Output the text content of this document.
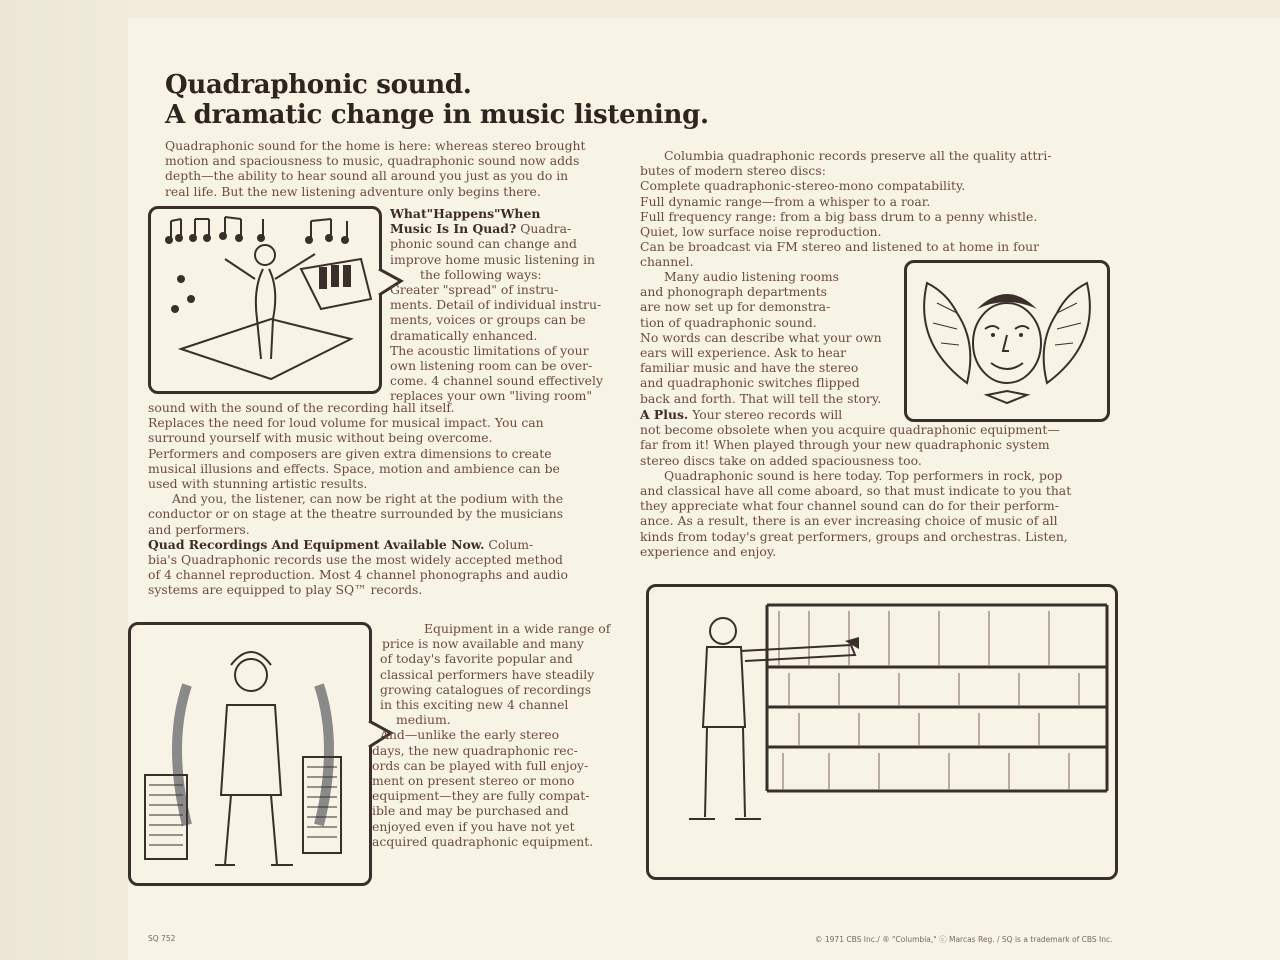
Quadraphonic sound.
A dramatic change in music listening.

Quadraphonic sound for the home is here: whereas stereo brought

motion and spaciousness to music, quadraphonic sound now adds

depth—the ability to hear sound all around you just as you do in

real life. But the new listening adventure only begins there.

What"Happens"When

Music Is In Quad? Quadra-

phonic sound can change and

improve home music listening in

the following ways:

Greater "spread" of instru-

ments. Detail of individual instru-

ments, voices or groups can be

dramatically enhanced.

The acoustic limitations of your

own listening room can be over-

come. 4 channel sound effectively

replaces your own "living room"

sound with the sound of the recording hall itself.

Replaces the need for loud volume for musical impact. You can

surround yourself with music without being overcome.

Performers and composers are given extra dimensions to create

musical illusions and effects. Space, motion and ambience can be

used with stunning artistic results.

And you, the listener, can now be right at the podium with the

conductor or on stage at the theatre surrounded by the musicians

and performers.

Quad Recordings And Equipment Available Now. Colum-

bia's Quadraphonic records use the most widely accepted method

of 4 channel reproduction. Most 4 channel phonographs and audio

systems are equipped to play SQ™ records.

Equipment in a wide range of

price is now available and many

of today's favorite popular and

classical performers have steadily

growing catalogues of recordings

in this exciting new 4 channel

medium.

And—unlike the early stereo

days, the new quadraphonic rec-

ords can be played with full enjoy-

ment on present stereo or mono

equipment—they are fully compat-

ible and may be purchased and

enjoyed even if you have not yet

acquired quadraphonic equipment.

Columbia quadraphonic records preserve all the quality attri-

butes of modern stereo discs:

Complete quadraphonic-stereo-mono compatability.

Full dynamic range—from a whisper to a roar.

Full frequency range: from a big bass drum to a penny whistle.

Quiet, low surface noise reproduction.

Can be broadcast via FM stereo and listened to at home in four

channel.

Many audio listening rooms

and phonograph departments

are now set up for demonstra-

tion of quadraphonic sound.

No words can describe what your own

ears will experience. Ask to hear

familiar music and have the stereo

and quadraphonic switches flipped

back and forth. That will tell the story.

A Plus. Your stereo records will

not become obsolete when you acquire quadraphonic equipment—

far from it! When played through your new quadraphonic system

stereo discs take on added spaciousness too.

Quadraphonic sound is here today. Top performers in rock, pop

and classical have all come aboard, so that must indicate to you that

they appreciate what four channel sound can do for their perform-

ance. As a result, there is an ever increasing choice of music of all

kinds from today's great performers, groups and orchestras. Listen,

experience and enjoy.

SQ 752	© 1971 CBS Inc./ ® "Columbia," ⓒ Marcas Reg. / SQ is a trademark of CBS Inc.
